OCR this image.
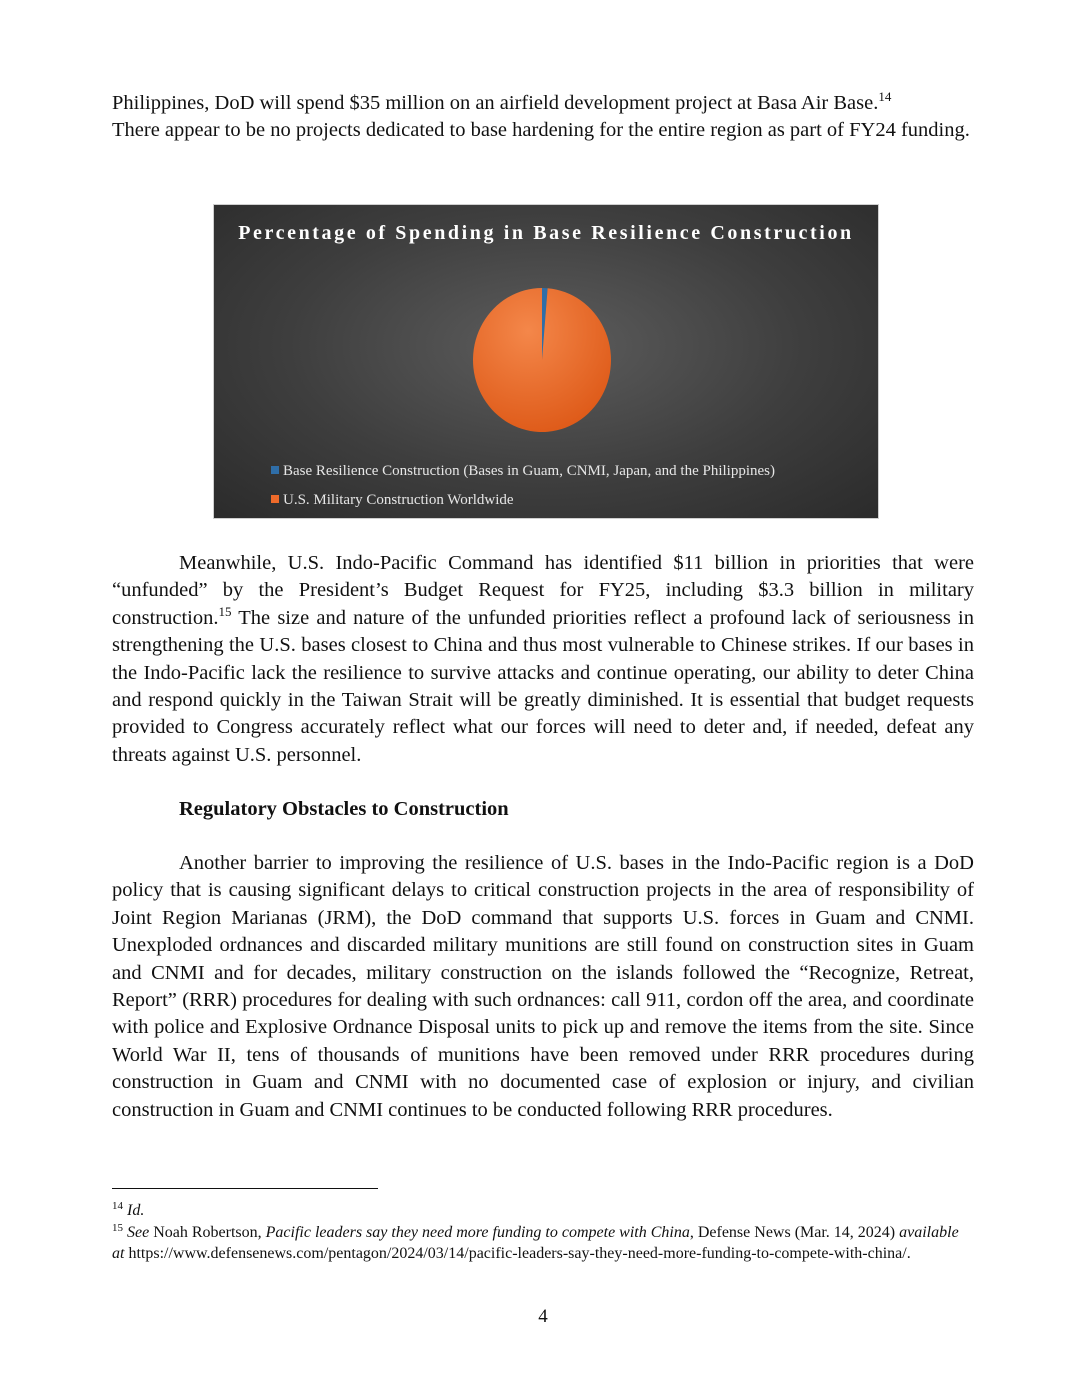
Philippines, DoD will spend $35 million on an airfield development project at Basa Air Base.$^{14}$
There appear to be no projects dedicated to base hardening for the entire region as part of FY24 funding.

Percentage of Spending in Base Resilience Construction
Base Resilience Construction (Bases in Guam, CNMI, Japan, and the Philippines)
U.S. Military Construction Worldwide

Meanwhile, U.S. Indo-Pacific Command has identified $11 billion in priorities that were “unfunded” by the President’s Budget Request for FY25, including $3.3 billion in military construction.$^{15}$ The size and nature of the unfunded priorities reflect a profound lack of seriousness in strengthening the U.S. bases closest to China and thus most vulnerable to Chinese strikes. If our bases in the Indo-Pacific lack the resilience to survive attacks and continue operating, our ability to deter China and respond quickly in the Taiwan Strait will be greatly diminished. It is essential that budget requests provided to Congress accurately reflect what our forces will need to deter and, if needed, defeat any threats against U.S. personnel.

Regulatory Obstacles to Construction

Another barrier to improving the resilience of U.S. bases in the Indo-Pacific region is a DoD policy that is causing significant delays to critical construction projects in the area of responsibility of Joint Region Marianas (JRM), the DoD command that supports U.S. forces in Guam and CNMI. Unexploded ordnances and discarded military munitions are still found on construction sites in Guam and CNMI and for decades, military construction on the islands followed the “Recognize, Retreat, Report” (RRR) procedures for dealing with such ordnances: call 911, cordon off the area, and coordinate with police and Explosive Ordnance Disposal units to pick up and remove the items from the site. Since World War II, tens of thousands of munitions have been removed under RRR procedures during construction in Guam and CNMI with no documented case of explosion or injury, and civilian construction in Guam and CNMI continues to be conducted following RRR procedures.

$^{14}$ Id.

$^{15}$ See Noah Robertson, Pacific leaders say they need more funding to compete with China, Defense News (Mar. 14, 2024) available at https://www.defensenews.com/pentagon/2024/03/14/pacific-leaders-say-they-need-more-funding-to-compete-with-china/.

4
